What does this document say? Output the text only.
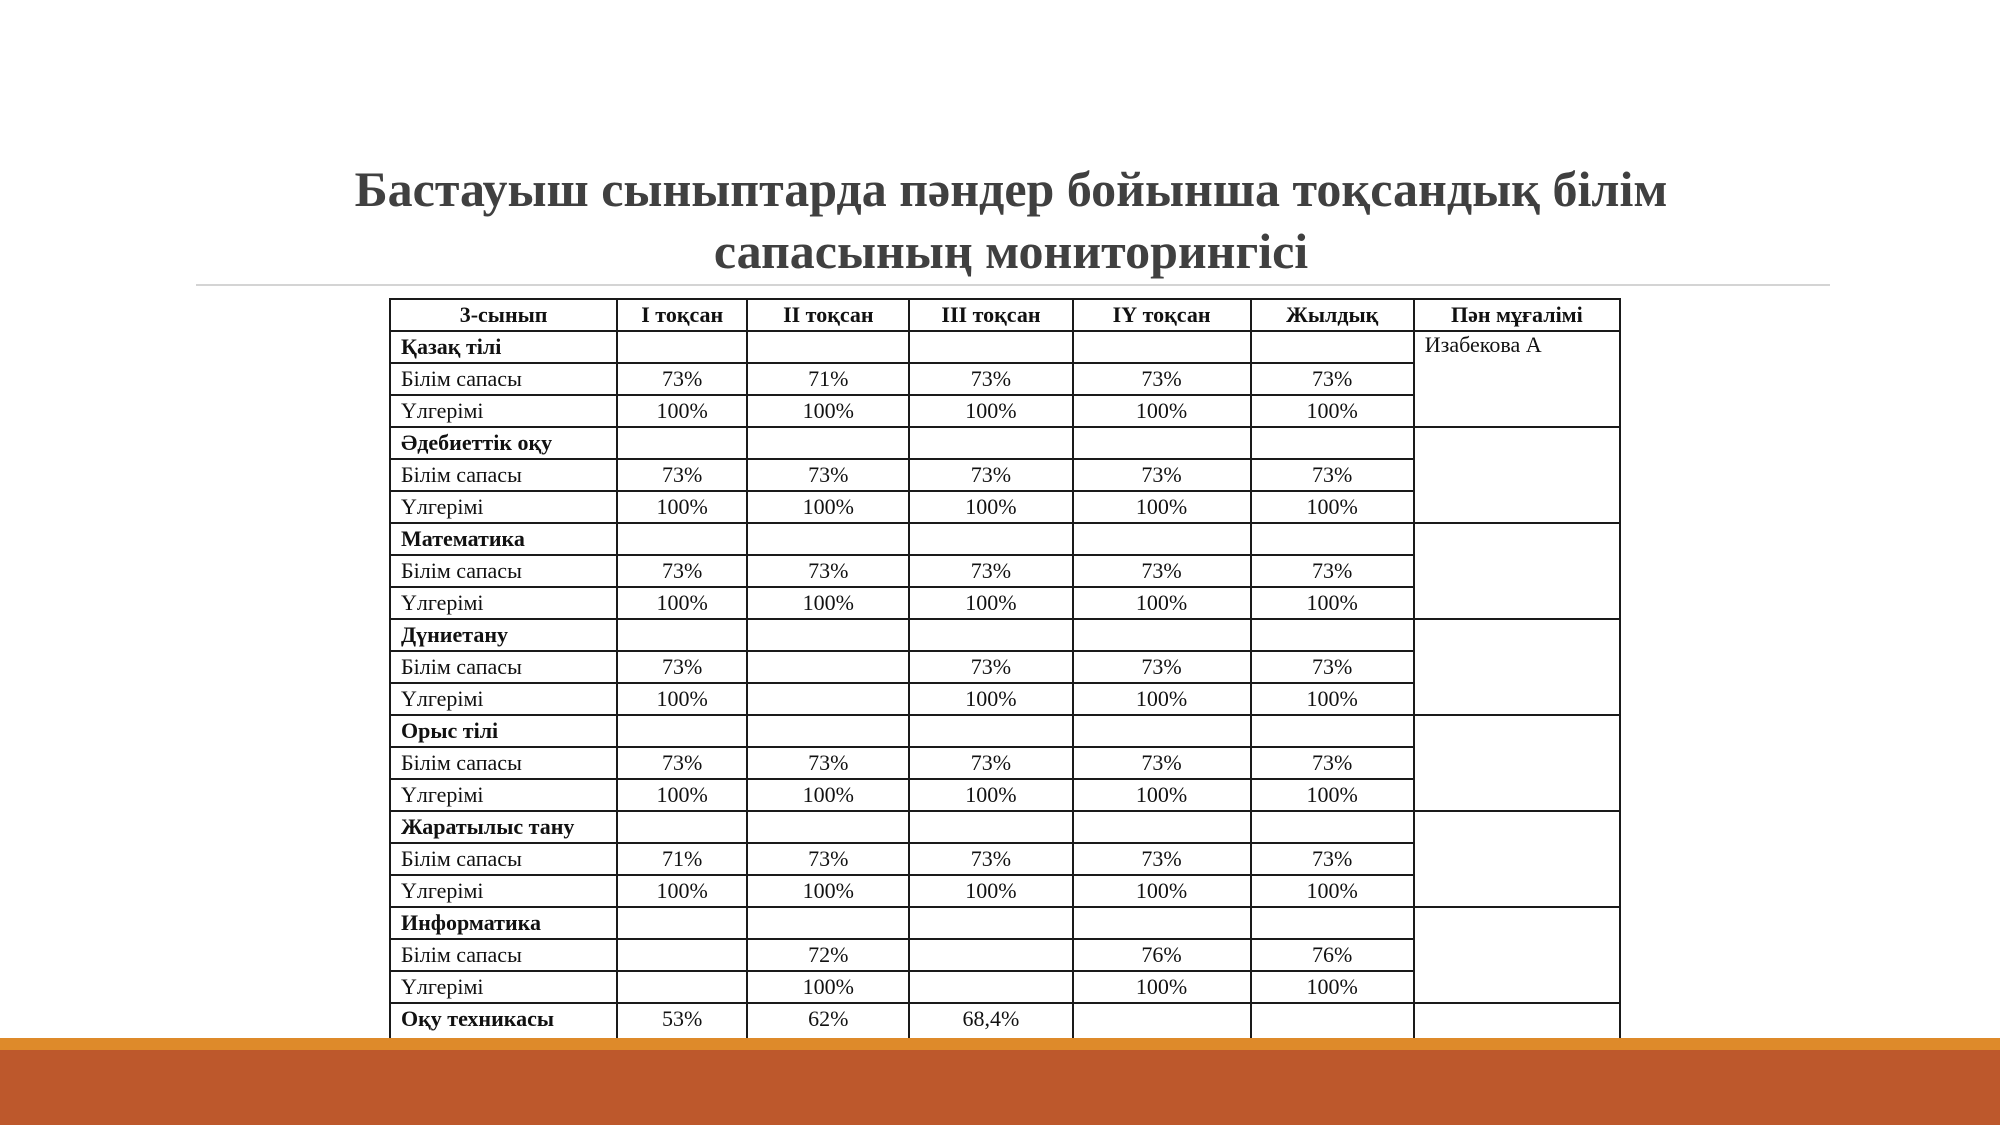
Бастауыш сыныптарда пәндер бойынша тоқсандық білім
сапасының мониторингісі
3-сынып	І тоқсан	ІІ тоқсан	ІІІ тоқсан	ІҮ тоқсан	Жылдық	Пән мұғалімі
Қазақ тілі						Изабекова А
Білім сапасы	73%	71%	73%	73%	73%	
Үлгерімі	100%	100%	100%	100%	100%	
Әдебиеттік оқу						
Білім сапасы	73%	73%	73%	73%	73%	
Үлгерімі	100%	100%	100%	100%	100%	
Математика						
Білім сапасы	73%	73%	73%	73%	73%	
Үлгерімі	100%	100%	100%	100%	100%	
Дүниетану						
Білім сапасы	73%		73%	73%	73%	
Үлгерімі	100%		100%	100%	100%	
Орыс тілі						
Білім сапасы	73%	73%	73%	73%	73%	
Үлгерімі	100%	100%	100%	100%	100%	
Жаратылыс тану						
Білім сапасы	71%	73%	73%	73%	73%	
Үлгерімі	100%	100%	100%	100%	100%	
Информатика						
Білім сапасы		72%		76%	76%	
Үлгерімі		100%		100%	100%	
Оқу техникасы	53%	62%	68,4%			
